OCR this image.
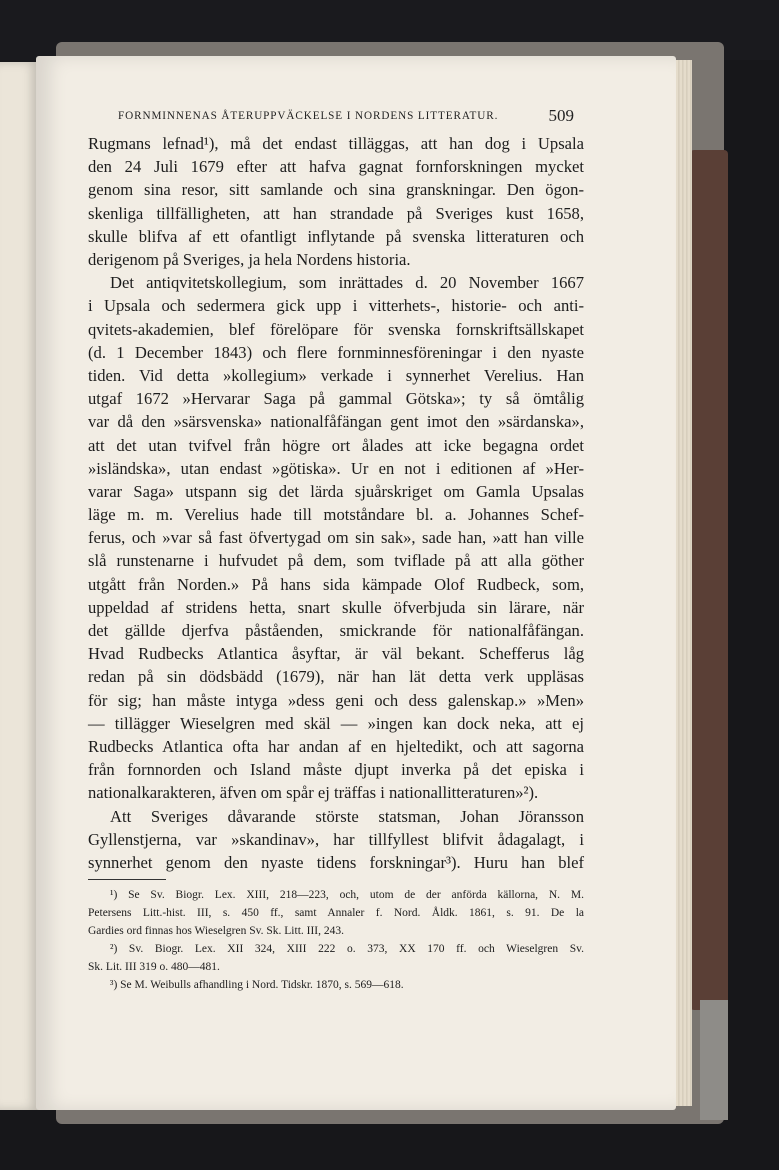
FORNMINNENAS ÅTERUPPVÄCKELSE I NORDENS LITTERATUR.	509
Rugmans lefnad¹), må det endast tilläggas, att han dog i Upsala
den 24 Juli 1679 efter att hafva gagnat fornforskningen mycket
genom sina resor, sitt samlande och sina granskningar. Den ögon-
skenliga tillfälligheten, att han strandade på Sveriges kust 1658,
skulle blifva af ett ofantligt inflytande på svenska litteraturen och
derigenom på Sveriges, ja hela Nordens historia.
Det antiqvitetskollegium, som inrättades d. 20 November 1667
i Upsala och sedermera gick upp i vitterhets-, historie- och anti-
qvitets-akademien, blef förelöpare för svenska fornskriftsällskapet
(d. 1 December 1843) och flere fornminnesföreningar i den nyaste
tiden. Vid detta »kollegium» verkade i synnerhet Verelius. Han
utgaf 1672 »Hervarar Saga på gammal Götska»; ty så ömtålig
var då den »särsvenska» nationalfåfängan gent imot den »särdanska»,
att det utan tvifvel från högre ort ålades att icke begagna ordet
»isländska», utan endast »götiska». Ur en not i editionen af »Her-
varar Saga» utspann sig det lärda sjuårskriget om Gamla Upsalas
läge m. m. Verelius hade till motståndare bl. a. Johannes Schef-
ferus, och »var så fast öfvertygad om sin sak», sade han, »att han ville
slå runstenarne i hufvudet på dem, som tviflade på att alla göther
utgått från Norden.» På hans sida kämpade Olof Rudbeck, som,
uppeldad af stridens hetta, snart skulle öfverbjuda sin lärare, när
det gällde djerfva påståenden, smickrande för nationalfåfängan.
Hvad Rudbecks Atlantica åsyftar, är väl bekant. Schefferus låg
redan på sin dödsbädd (1679), när han lät detta verk uppläsas
för sig; han måste intyga »dess geni och dess galenskap.» »Men»
— tillägger Wieselgren med skäl — »ingen kan dock neka, att ej
Rudbecks Atlantica ofta har andan af en hjeltedikt, och att sagorna
från fornnorden och Island måste djupt inverka på det episka i
nationalkarakteren, äfven om spår ej träffas i nationallitteraturen»²).
Att Sveriges dåvarande störste statsman, Johan Jöransson
Gyllenstjerna, var »skandinav», har tillfyllest blifvit ådagalagt, i
synnerhet genom den nyaste tidens forskningar³). Huru han blef
¹) Se Sv. Biogr. Lex. XIII, 218—223, och, utom de der anförda källorna, N. M.
Petersens Litt.-hist. III, s. 450 ff., samt Annaler f. Nord. Åldk. 1861, s. 91. De la
Gardies ord finnas hos Wieselgren Sv. Sk. Litt. III, 243.
²) Sv. Biogr. Lex. XII 324, XIII 222 o. 373, XX 170 ff. och Wieselgren Sv.
Sk. Lit. III 319 o. 480—481.
³) Se M. Weibulls afhandling i Nord. Tidskr. 1870, s. 569—618.
